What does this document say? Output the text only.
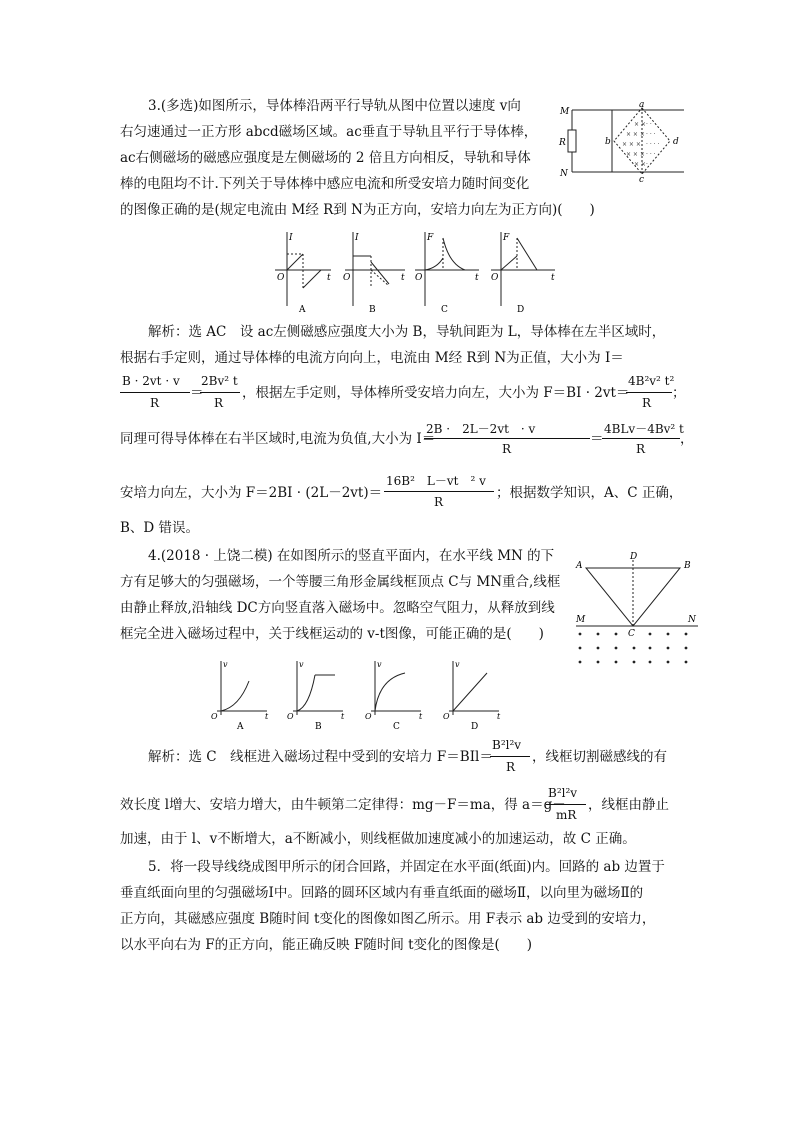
3.(多选)如图所示，导体棒沿两平行导轨从图中位置以速度 v向
右匀速通过一正方形 abcd磁场区域。ac垂直于导轨且平行于导体棒，
ac右侧磁场的磁感应强度是左侧磁场的 2 倍且方向相反，导轨和导体
棒的电阻均不计.下列关于导体棒中感应电流和所受安培力随时间变化
的图像正确的是(规定电流由 M经 R到 N为正方向，安培力向左为正方向)(　　)
× ×
× × ×
× × ×
× × ×
× ×
· ·
· · ·
· · · ·
· · ·
· ·
M
R
N
a
b
c
d
I
t
O
A
I
t
O
B
F
t
O
C
F
t
O
D
解析：选 AC　设 ac左侧磁感应强度大小为 B，导轨间距为 L，导体棒在左半区域时，
根据右手定则，通过导体棒的电流方向向上，电流由 M经 R到 N为正值，大小为 I＝
B · 2vt · v
R
＝
2Bv² t
R
，根据左手定则，导体棒所受安培力向左，大小为 F＝BI · 2vt＝
4B²v² t²
R
；
同理可得导体棒在右半区域时,电流为负值,大小为 I＝
2B ·　2L－2vt　· v
R
＝
4BLv－4Bv² t
R
，
安培力向左，大小为 F＝2BI · (2L－2vt)＝
16B²　L－vt　² v
R
；根据数学知识，A、C 正确，
B、D 错误。
4.(2018 · 上饶二模) 在如图所示的竖直平面内，在水平线 MN 的下
方有足够大的匀强磁场，一个等腰三角形金属线框顶点 C与 MN重合,线框
由静止释放,沿轴线 DC方向竖直落入磁场中。忽略空气阻力，从释放到线
框完全进入磁场过程中，关于线框运动的 v-t图像，可能正确的是(　　)
A
D
B
M	N
C
v
t
O
A
v
t
O
B
v
t
O
C
v
t
O
D
解析：选 C　线框进入磁场过程中受到的安培力 F＝BIl＝
B²l²v
R
，线框切割磁感线的有
效长度 l增大、安培力增大，由牛顿第二定律得：mg－F＝ma，得 a＝g－
B²l²v
mR
，线框由静止
加速，由于 l、v不断增大，a不断减小，则线框做加速度减小的加速运动，故 C 正确。
5．将一段导线绕成图甲所示的闭合回路，并固定在水平面(纸面)内。回路的 ab 边置于
垂直纸面向里的匀强磁场Ⅰ中。回路的圆环区域内有垂直纸面的磁场Ⅱ，以向里为磁场Ⅱ的
正方向，其磁感应强度 B随时间 t变化的图像如图乙所示。用 F表示 ab 边受到的安培力，
以水平向右为 F的正方向，能正确反映 F随时间 t变化的图像是(　　)
